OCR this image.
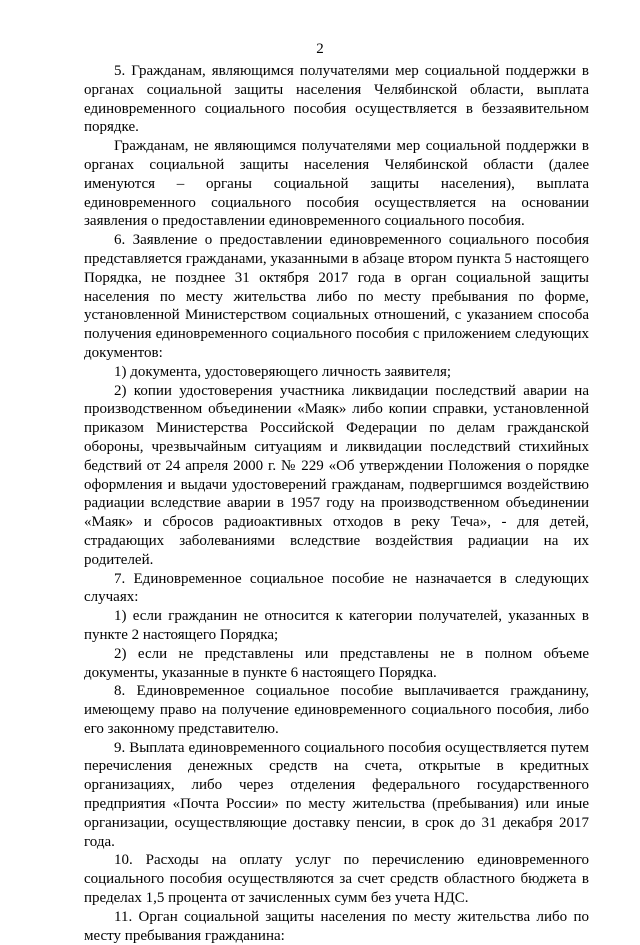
2

5. Гражданам, являющимся получателями мер социальной поддержки в органах социальной защиты населения Челябинской области, выплата единовременного социального пособия осуществляется в беззаявительном порядке.

Гражданам, не являющимся получателями мер социальной поддержки в органах социальной защиты населения Челябинской области (далее именуются – органы социальной защиты населения), выплата единовременного социального пособия осуществляется на основании заявления о предоставлении единовременного социального пособия.

6. Заявление о предоставлении единовременного социального пособия представляется гражданами, указанными в абзаце втором пункта 5 настоящего Порядка, не позднее 31 октября 2017 года в орган социальной защиты населения по месту жительства либо по месту пребывания по форме, установленной Министерством социальных отношений, с указанием способа получения единовременного социального пособия с приложением следующих документов:

1) документа, удостоверяющего личность заявителя;

2) копии удостоверения участника ликвидации последствий аварии на производственном объединении «Маяк» либо копии справки, установленной приказом Министерства Российской Федерации по делам гражданской обороны, чрезвычайным ситуациям и ликвидации последствий стихийных бедствий от 24 апреля 2000 г. № 229 «Об утверждении Положения о порядке оформления и выдачи удостоверений гражданам, подвергшимся воздействию радиации вследствие аварии в 1957 году на производственном объединении «Маяк» и сбросов радиоактивных отходов в реку Теча», - для детей, страдающих заболеваниями вследствие воздействия радиации на их родителей.

7. Единовременное социальное пособие не назначается в следующих случаях:

1) если гражданин не относится к категории получателей, указанных в пункте 2 настоящего Порядка;

2) если не представлены или представлены не в полном объеме документы, указанные в пункте 6 настоящего Порядка.

8. Единовременное социальное пособие выплачивается гражданину, имеющему право на получение единовременного социального пособия, либо его законному представителю.

9. Выплата единовременного социального пособия осуществляется путем перечисления денежных средств на счета, открытые в кредитных организациях, либо через отделения федерального государственного предприятия «Почта России» по месту жительства (пребывания) или иные организации, осуществляющие доставку пенсии, в срок до 31 декабря 2017 года.

10. Расходы на оплату услуг по перечислению единовременного социального пособия осуществляются за счет средств областного бюджета в пределах 1,5 процента от зачисленных сумм без учета НДС.

11. Орган социальной защиты населения по месту жительства либо по месту пребывания гражданина:
